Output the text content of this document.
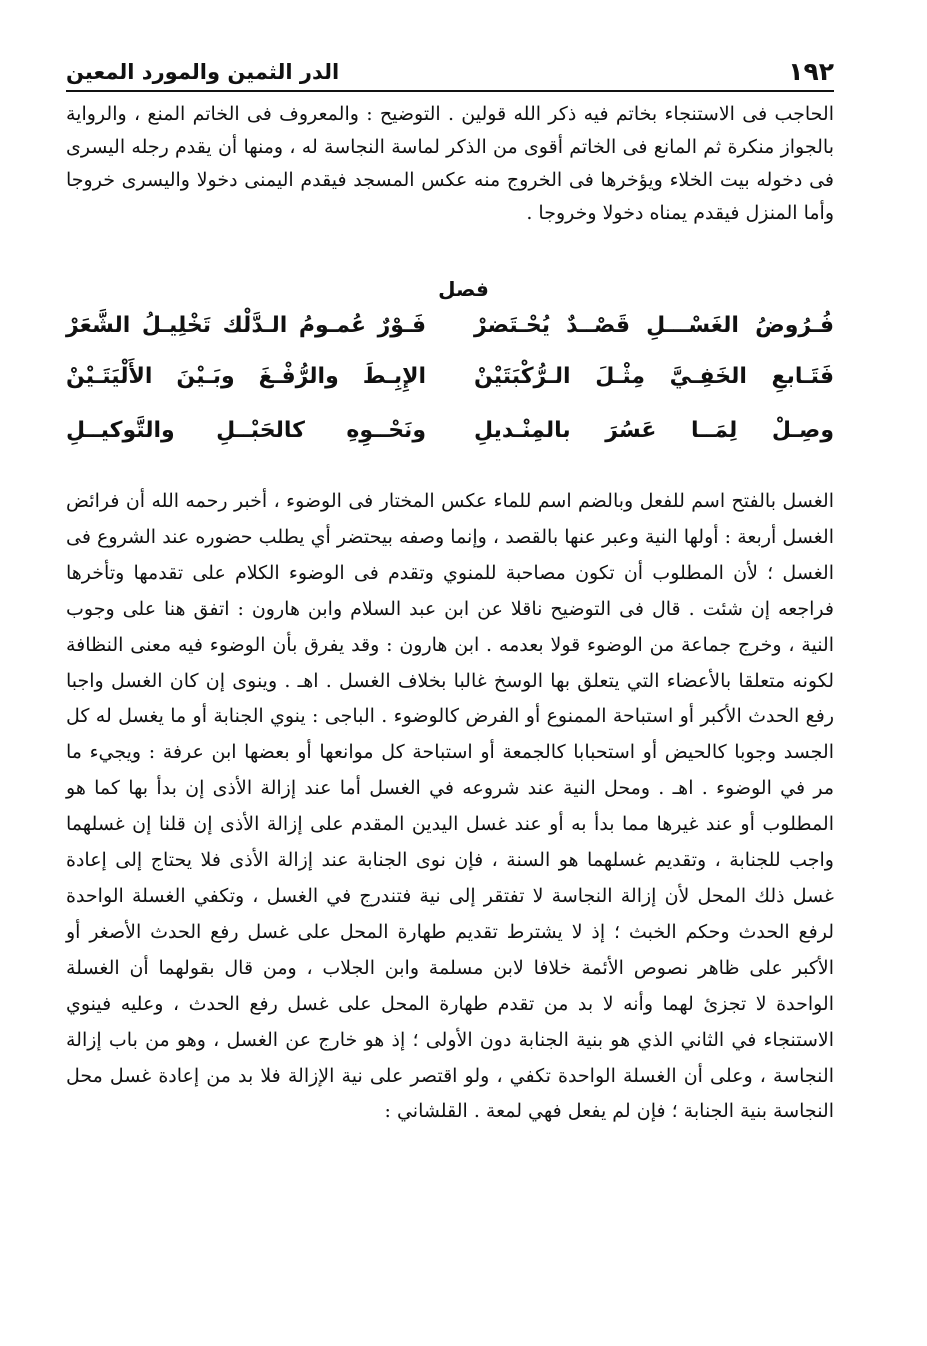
١٩٢
الدر الثمين والمورد المعين

الحاجب فى الاستنجاء بخاتم فيه ذكر الله قولين . التوضيح : والمعروف فى الخاتم المنع ، والرواية بالجواز منكرة ثم المانع فى الخاتم أقوى من الذكر لماسة النجاسة له ، ومنها أن يقدم رجله اليسرى فى دخوله بيت الخلاء ويؤخرها فى الخروج منه عكس المسجد فيقدم اليمنى دخولا واليسرى خروجا وأما المنزل فيقدم يمناه دخولا وخروجا .

فصل
فُـرُوضُ الغَسْـــلِ قَصْــدٌ يُحْـتَضرْ
فَـوْرٌ عُمـومُ الـدَّلْك تَخْلِيـلُ الشَّعَرْ
فَتَـابعِ الخَفِـيَّ مِثْـلَ الـرُّكْبَتَيْنْ
الإِبِـطَ والرُّفْـغَ وبَـيْنَ الأَلْيَتَـيْنْ
وصِـلْ لِمَــا عَسُرَ بالمِنْـديلِ
ونَحْــوِهِ كالحَبْــلِ والتَّوكيــلِ

الغسل بالفتح اسم للفعل وبالضم اسم للماء عكس المختار فى الوضوء ، أخبر رحمه الله أن فرائض الغسل أربعة : أولها النية وعبر عنها بالقصد ، وإنما وصفه بيحتضر أي يطلب حضوره عند الشروع فى الغسل ؛ لأن المطلوب أن تكون مصاحبة للمنوي وتقدم فى الوضوء الكلام على تقدمها وتأخرها فراجعه إن شئت . قال فى التوضيح ناقلا عن ابن عبد السلام وابن هارون : اتفق هنا على وجوب النية ، وخرج جماعة من الوضوء قولا بعدمه . ابن هارون : وقد يفرق بأن الوضوء فيه معنى النظافة لكونه متعلقا بالأعضاء التي يتعلق بها الوسخ غالبا بخلاف الغسل . اهـ . وينوى إن كان الغسل واجبا رفع الحدث الأكبر أو استباحة الممنوع أو الفرض كالوضوء . الباجى : ينوي الجنابة أو ما يغسل له كل الجسد وجوبا كالحيض أو استحبابا كالجمعة أو استباحة كل موانعها أو بعضها ابن عرفة : ويجيء ما مر في الوضوء . اهـ . ومحل النية عند شروعه في الغسل أما عند إزالة الأذى إن بدأ بها كما هو المطلوب أو عند غيرها مما بدأ به أو عند غسل اليدين المقدم على إزالة الأذى إن قلنا إن غسلهما واجب للجنابة ، وتقديم غسلهما هو السنة ، فإن نوى الجنابة عند إزالة الأذى فلا يحتاج إلى إعادة غسل ذلك المحل لأن إزالة النجاسة لا تفتقر إلى نية فتندرج في الغسل ، وتكفي الغسلة الواحدة لرفع الحدث وحكم الخبث ؛ إذ لا يشترط تقديم طهارة المحل على غسل رفع الحدث الأصغر أو الأكبر على ظاهر نصوص الأئمة خلافا لابن مسلمة وابن الجلاب ، ومن قال بقولهما أن الغسلة الواحدة لا تجزئ لهما وأنه لا بد من تقدم طهارة المحل على غسل رفع الحدث ، وعليه فينوي الاستنجاء في الثاني الذي هو بنية الجنابة دون الأولى ؛ إذ هو خارج عن الغسل ، وهو من باب إزالة النجاسة ، وعلى أن الغسلة الواحدة تكفي ، ولو اقتصر على نية الإزالة فلا بد من إعادة غسل محل النجاسة بنية الجنابة ؛ فإن لم يفعل فهي لمعة . القلشاني :
